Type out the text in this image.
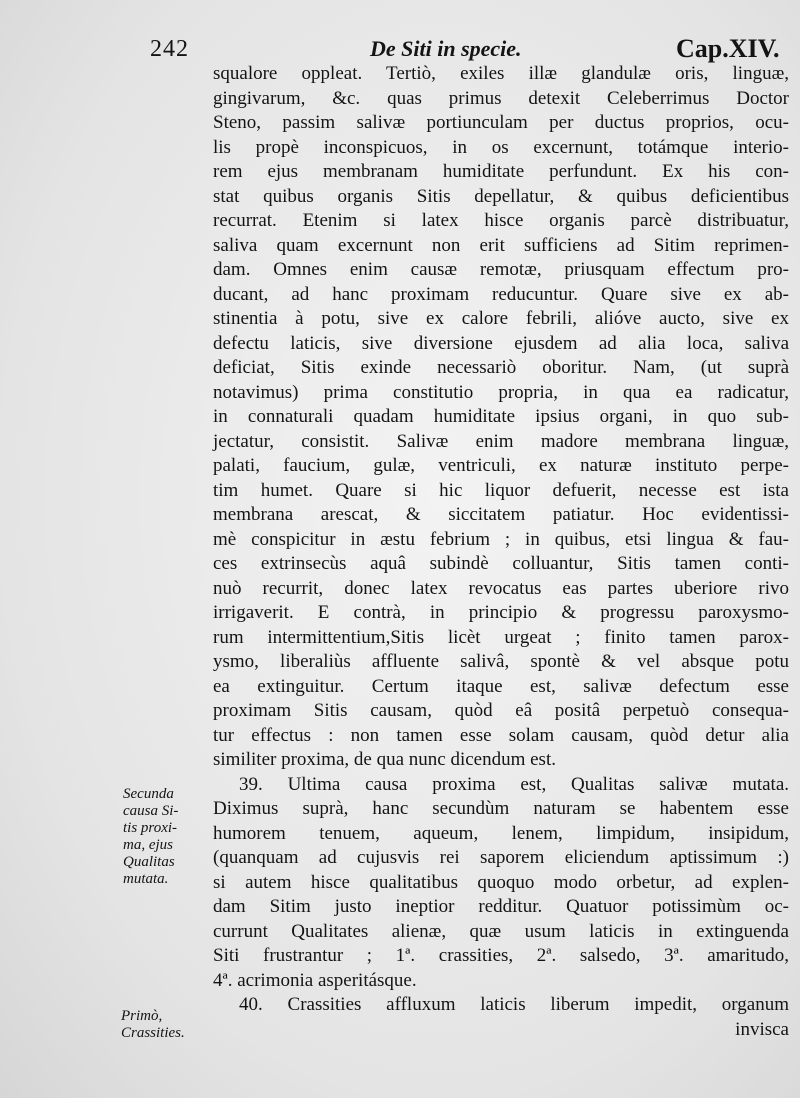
242	De Siti in specie.	Cap.XIV.
squalore oppleat. Tertiò, exiles illæ glandulæ oris, linguæ,
gingivarum, &c. quas primus detexit Celeberrimus Doctor
Steno, passim salivæ portiunculam per ductus proprios, ocu-
lis propè inconspicuos, in os excernunt, totámque interio-
rem ejus membranam humiditate perfundunt. Ex his con-
stat quibus organis Sitis depellatur, & quibus deficientibus
recurrat. Etenim si latex hisce organis parcè distribuatur,
saliva quam excernunt non erit sufficiens ad Sitim reprimen-
dam. Omnes enim causæ remotæ, priusquam effectum pro-
ducant, ad hanc proximam reducuntur. Quare sive ex ab-
stinentia à potu, sive ex calore febrili, alióve aucto, sive ex
defectu laticis, sive diversione ejusdem ad alia loca, saliva
deficiat, Sitis exinde necessariò oboritur. Nam, (ut suprà
notavimus) prima constitutio propria, in qua ea radicatur,
in connaturali quadam humiditate ipsius organi, in quo sub-
jectatur, consistit. Salivæ enim madore membrana linguæ,
palati, faucium, gulæ, ventriculi, ex naturæ instituto perpe-
tim humet. Quare si hic liquor defuerit, necesse est ista
membrana arescat, & siccitatem patiatur. Hoc evidentissi-
mè conspicitur in æstu febrium ; in quibus, etsi lingua & fau-
ces extrinsecùs aquâ subindè colluantur, Sitis tamen conti-
nuò recurrit, donec latex revocatus eas partes uberiore rivo
irrigaverit. E contrà, in principio & progressu paroxysmo-
rum intermittentium,Sitis licèt urgeat ; finito tamen parox-
ysmo, liberaliùs affluente salivâ, spontè & vel absque potu
ea extinguitur. Certum itaque est, salivæ defectum esse
proximam Sitis causam, quòd eâ positâ perpetuò consequa-
tur effectus : non tamen esse solam causam, quòd detur alia
similiter proxima, de qua nunc dicendum est.
39. Ultima causa proxima est, Qualitas salivæ mutata.
Diximus suprà, hanc secundùm naturam se habentem esse
humorem tenuem, aqueum, lenem, limpidum, insipidum,
(quanquam ad cujusvis rei saporem eliciendum aptissimum :)
si autem hisce qualitatibus quoquo modo orbetur, ad explen-
dam Sitim justo ineptior redditur. Quatuor potissimùm oc-
currunt Qualitates alienæ, quæ usum laticis in extinguenda
Siti frustrantur ; 1ª. crassities, 2ª. salsedo, 3ª. amaritudo,
4ª. acrimonia asperitásque.
40. Crassities affluxum laticis liberum impedit, organum
invisca
Secunda
causa Si-
tis proxi-
ma, ejus
Qualitas
mutata.
Primò,
Crassities.
